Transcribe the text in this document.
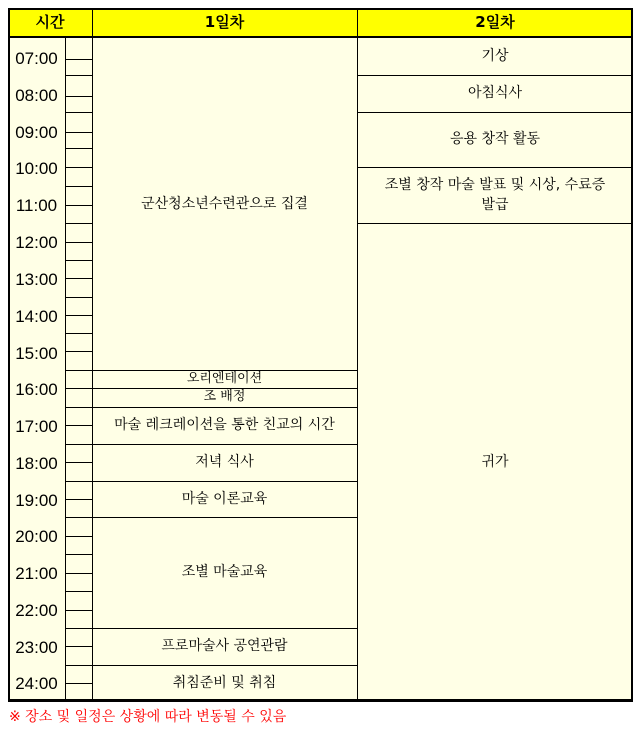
시간	1일차	2일차
07:00
08:00
09:00
10:00
11:00
12:00
13:00
14:00
15:00
16:00
17:00
18:00
19:00
20:00
21:00
22:00
23:00
24:00
군산청소년수련관으로 집결
오리엔테이션
조 배정
마술 레크레이션을 통한 친교의 시간
저녁 식사
마술 이론교육
조별 마술교육
프로마술사 공연관람
취침준비 및 취침
기상
아침식사
응용 창작 활동
조별 창작 마술 발표 및 시상, 수료증 발급
귀가
※ 장소 및 일정은 상황에 따라 변동될 수 있음
